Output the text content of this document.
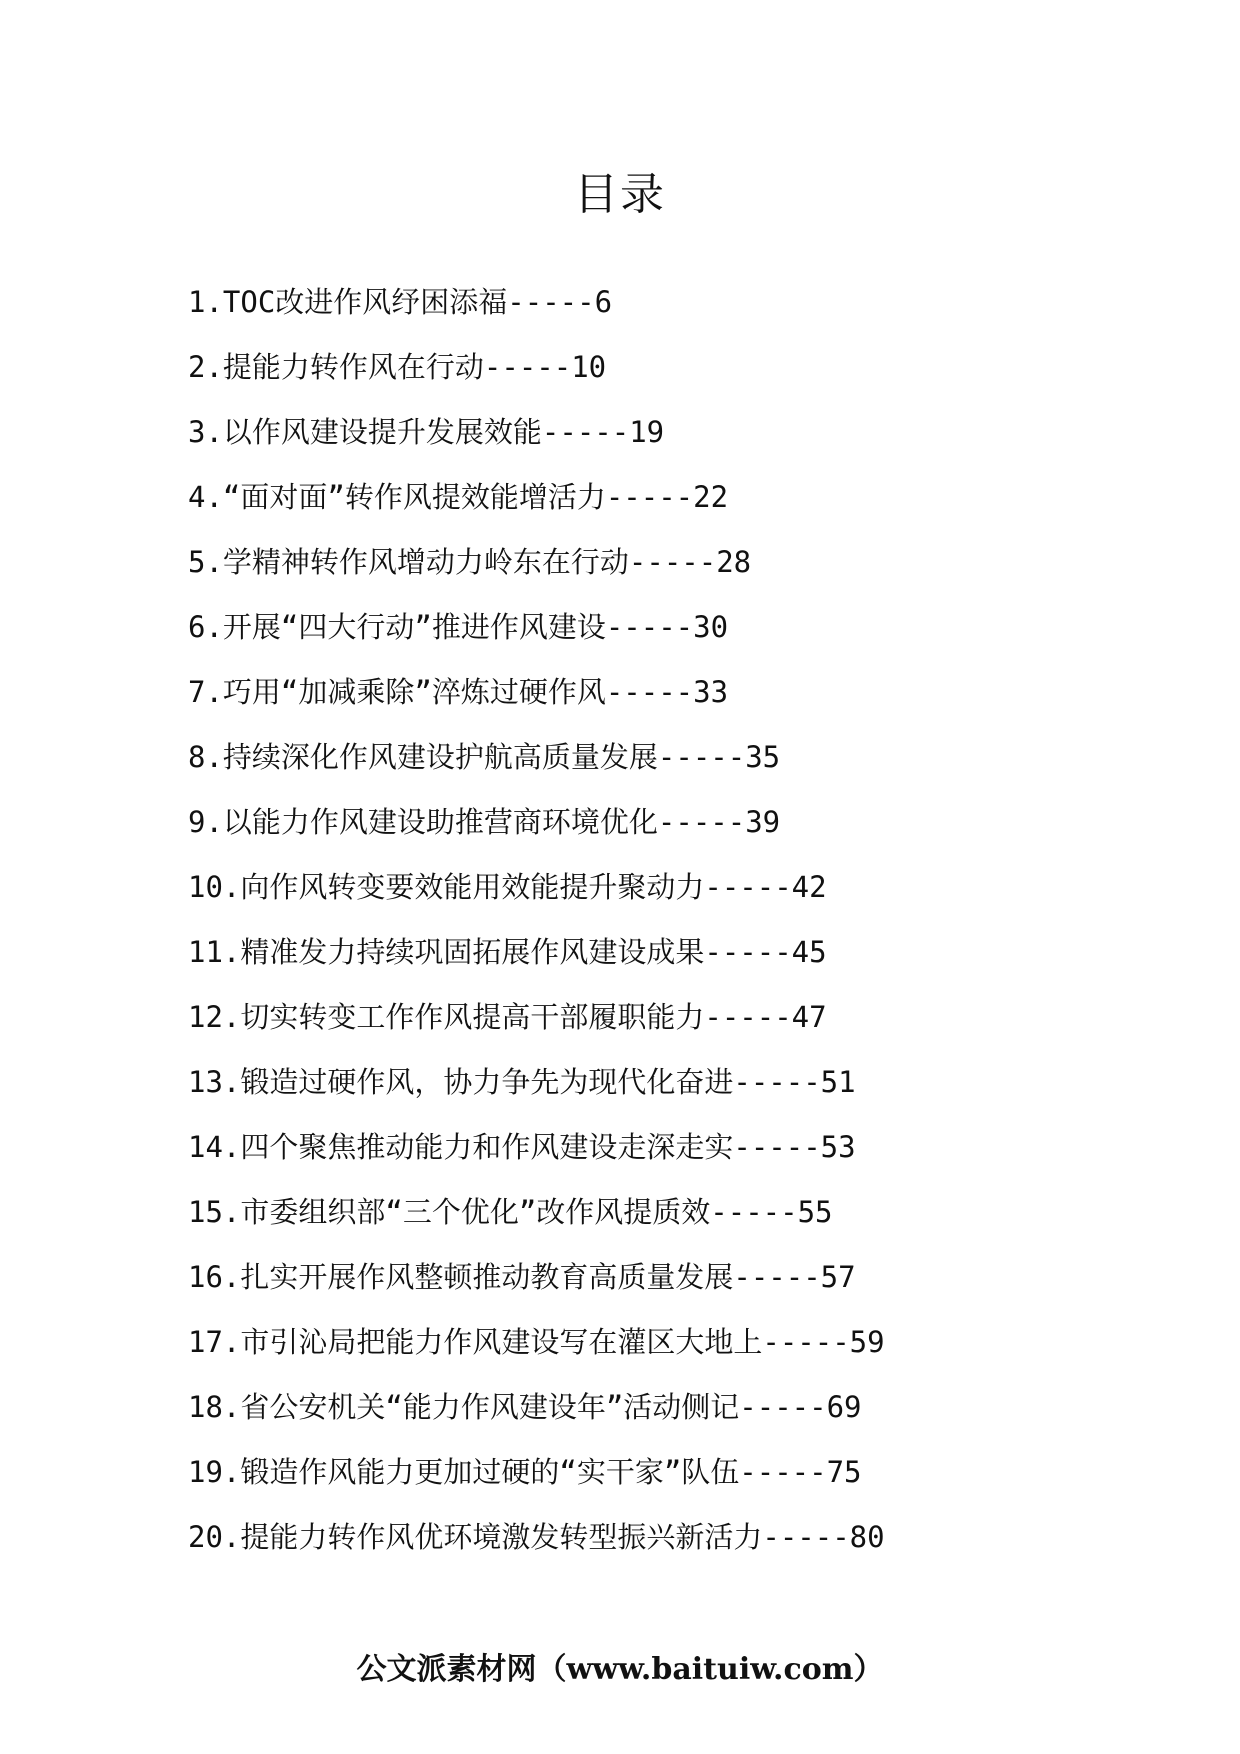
目录
1.TOC改进作风纾困添福-----6
2.提能力转作风在行动-----10
3.以作风建设提升发展效能-----19
4.“面对面”转作风提效能增活力-----22
5.学精神转作风增动力岭东在行动-----28
6.开展“四大行动”推进作风建设-----30
7.巧用“加减乘除”淬炼过硬作风-----33
8.持续深化作风建设护航高质量发展-----35
9.以能力作风建设助推营商环境优化-----39
10.向作风转变要效能用效能提升聚动力-----42
11.精准发力持续巩固拓展作风建设成果-----45
12.切实转变工作作风提高干部履职能力-----47
13.锻造过硬作风，协力争先为现代化奋进-----51
14.四个聚焦推动能力和作风建设走深走实-----53
15.市委组织部“三个优化”改作风提质效-----55
16.扎实开展作风整顿推动教育高质量发展-----57
17.市引沁局把能力作风建设写在灌区大地上-----59
18.省公安机关“能力作风建设年”活动侧记-----69
19.锻造作风能力更加过硬的“实干家”队伍-----75
20.提能力转作风优环境激发转型振兴新活力-----80
公文派素材网（www.baituiw.com）
